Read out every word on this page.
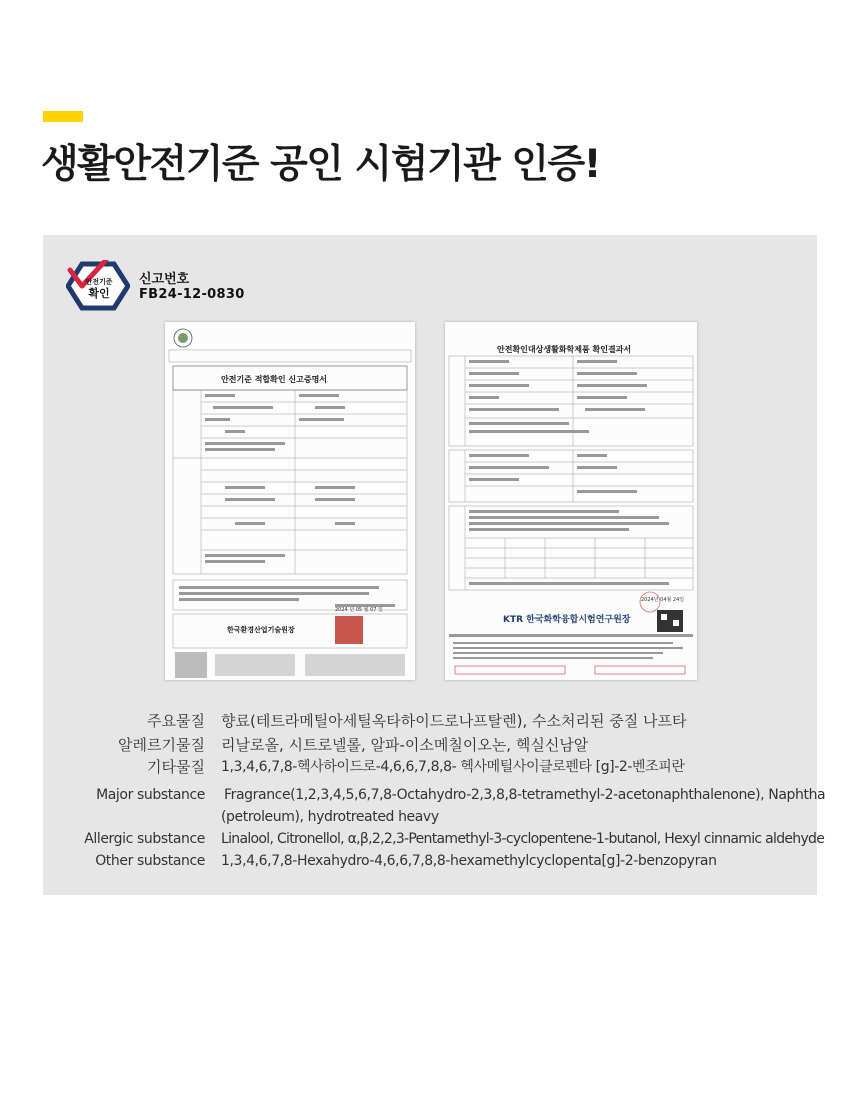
생활안전기준 공인 시험기관 인증!
안전기준
확인
신고번호
FB24-12-0830
안전기준 적합확인 신고증명서
2024 년 05 월 07 일
한국환경산업기술원장
안전확인대상생활화학제품 확인결과서
2024년 04월 24일
KTR 한국화학융합시험연구원장
주요물질 향료(테트라메틸아세틸옥타하이드로나프탈렌), 수소처리된 중질 나프타
알레르기물질 리날로올, 시트로넬롤, 알파-이소메칠이오논, 헥실신남알
기타물질 1,3,4,6,7,8-헥사하이드로-4,6,6,7,8,8- 헥사메틸사이클로펜타 [g]-2-벤조피란
Major substance Fragrance(1,2,3,4,5,6,7,8-Octahydro-2,3,8,8-tetramethyl-2-acetonaphthalenone), Naphtha
(petroleum), hydrotreated heavy
Allergic substance Linalool, Citronellol, α,β,2,2,3-Pentamethyl-3-cyclopentene-1-butanol, Hexyl cinnamic aldehyde
Other substance 1,3,4,6,7,8-Hexahydro-4,6,6,7,8,8-hexamethylcyclopenta[g]-2-benzopyran
